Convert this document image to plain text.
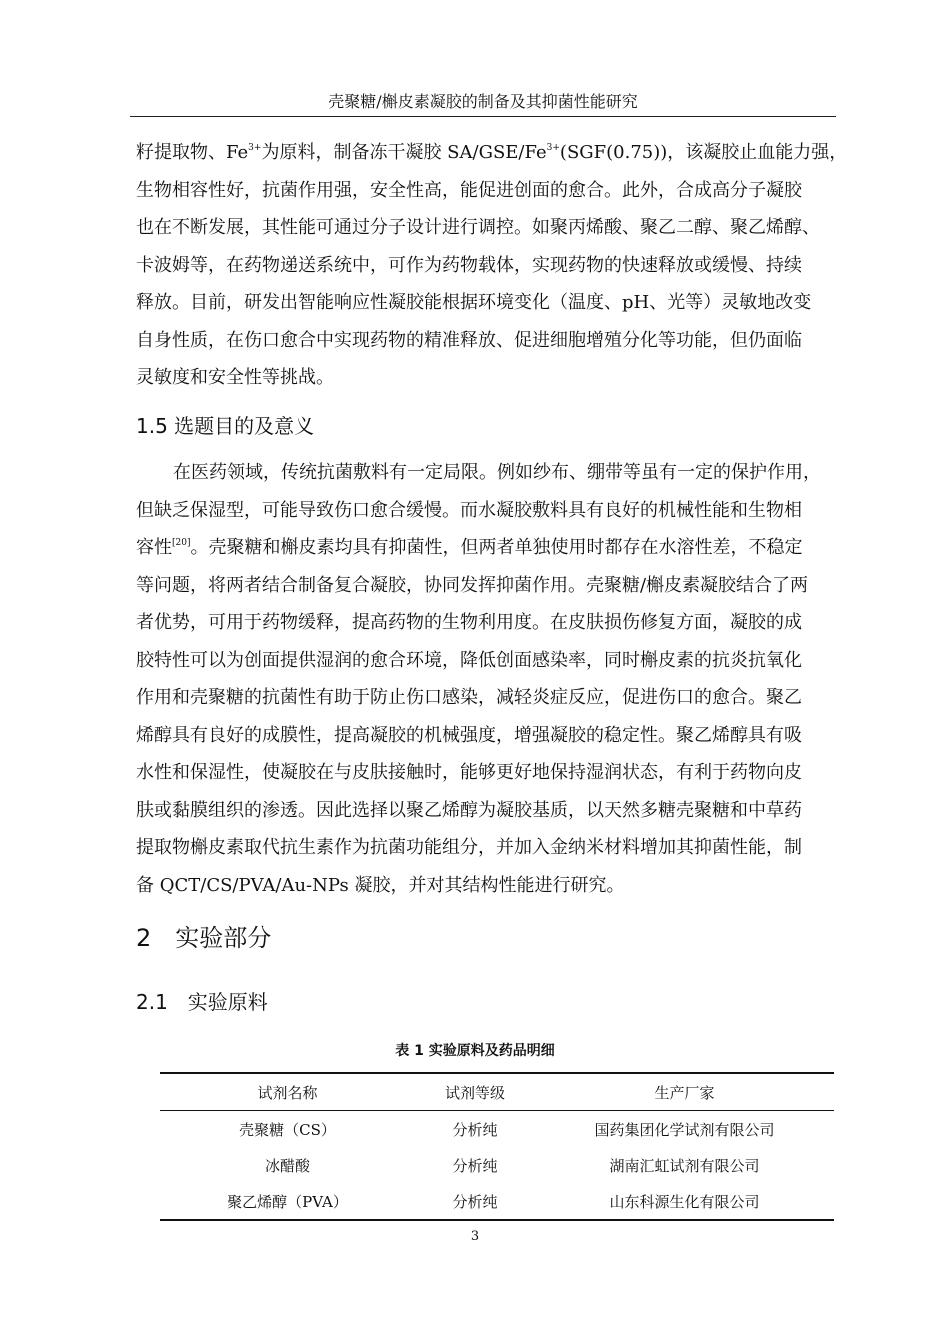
壳聚糖/槲皮素凝胶的制备及其抑菌性能研究
籽提取物、$Fe^{3+}$为原料，制备冻干凝胶 $SA/GSE/Fe^{3+}(SGF(0.75))$，该凝胶止血能力强，
生物相容性好，抗菌作用强，安全性高，能促进创面的愈合。此外，合成高分子凝胶
也在不断发展，其性能可通过分子设计进行调控。如聚丙烯酸、聚乙二醇、聚乙烯醇、
卡波姆等，在药物递送系统中，可作为药物载体，实现药物的快速释放或缓慢、持续
释放。目前，研发出智能响应性凝胶能根据环境变化（温度、pH、光等）灵敏地改变
自身性质，在伤口愈合中实现药物的精准释放、促进细胞增殖分化等功能，但仍面临
灵敏度和安全性等挑战。
1.5 选题目的及意义
在医药领域，传统抗菌敷料有一定局限。例如纱布、绷带等虽有一定的保护作用，
但缺乏保湿型，可能导致伤口愈合缓慢。而水凝胶敷料具有良好的机械性能和生物相
容性[20]。壳聚糖和槲皮素均具有抑菌性，但两者单独使用时都存在水溶性差，不稳定
等问题，将两者结合制备复合凝胶，协同发挥抑菌作用。壳聚糖/槲皮素凝胶结合了两
者优势，可用于药物缓释，提高药物的生物利用度。在皮肤损伤修复方面，凝胶的成
胶特性可以为创面提供湿润的愈合环境，降低创面感染率，同时槲皮素的抗炎抗氧化
作用和壳聚糖的抗菌性有助于防止伤口感染，减轻炎症反应，促进伤口的愈合。聚乙
烯醇具有良好的成膜性，提高凝胶的机械强度，增强凝胶的稳定性。聚乙烯醇具有吸
水性和保湿性，使凝胶在与皮肤接触时，能够更好地保持湿润状态，有利于药物向皮
肤或黏膜组织的渗透。因此选择以聚乙烯醇为凝胶基质，以天然多糖壳聚糖和中草药
提取物槲皮素取代抗生素作为抗菌功能组分，并加入金纳米材料增加其抑菌性能，制
备 QCT/CS/PVA/Au-NPs 凝胶，并对其结构性能进行研究。
2　实验部分
2.1　实验原料
表 1 实验原料及药品明细
试剂名称	试剂等级	生产厂家
壳聚糖（CS）	分析纯	国药集团化学试剂有限公司
冰醋酸	分析纯	湖南汇虹试剂有限公司
聚乙烯醇（PVA）	分析纯	山东科源生化有限公司
3
